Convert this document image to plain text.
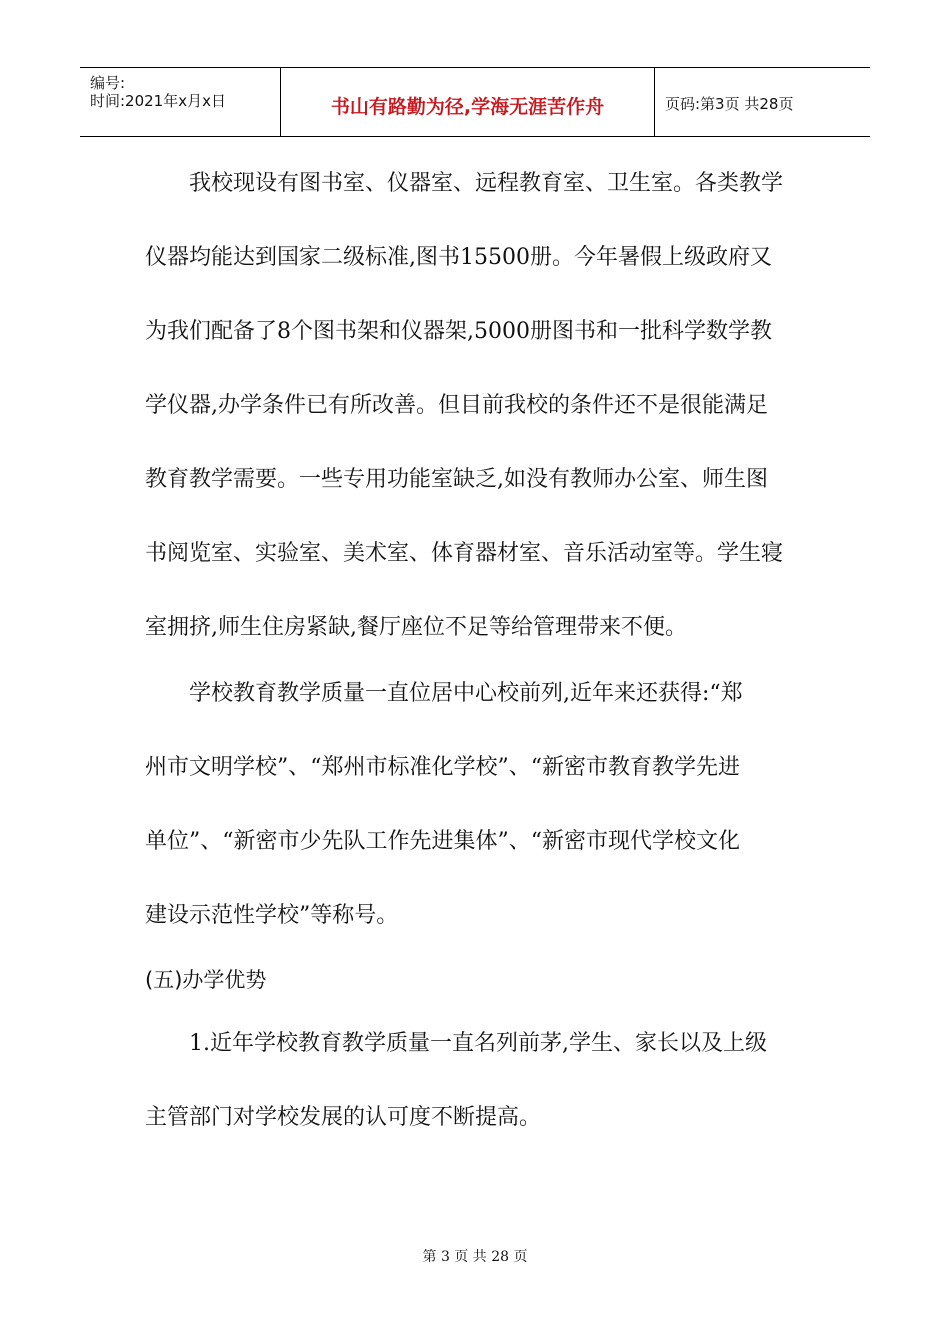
编号:
时间:2021年x月x日	书山有路勤为径,学海无涯苦作舟	页码:第3页 共28页
我校现设有图书室、仪器室、远程教育室、卫生室。各类教学
仪器均能达到国家二级标准,图书15500册。今年暑假上级政府又
为我们配备了8个图书架和仪器架,5000册图书和一批科学数学教
学仪器,办学条件已有所改善。但目前我校的条件还不是很能满足
教育教学需要。一些专用功能室缺乏,如没有教师办公室、师生图
书阅览室、实验室、美术室、体育器材室、音乐活动室等。学生寝
室拥挤,师生住房紧缺,餐厅座位不足等给管理带来不便。
学校教育教学质量一直位居中心校前列,近年来还获得:“郑
州市文明学校”、“郑州市标准化学校”、“新密市教育教学先进
单位”、“新密市少先队工作先进集体”、“新密市现代学校文化
建设示范性学校”等称号。
(五)办学优势
1.近年学校教育教学质量一直名列前茅,学生、家长以及上级
主管部门对学校发展的认可度不断提高。
第 3 页 共 28 页
